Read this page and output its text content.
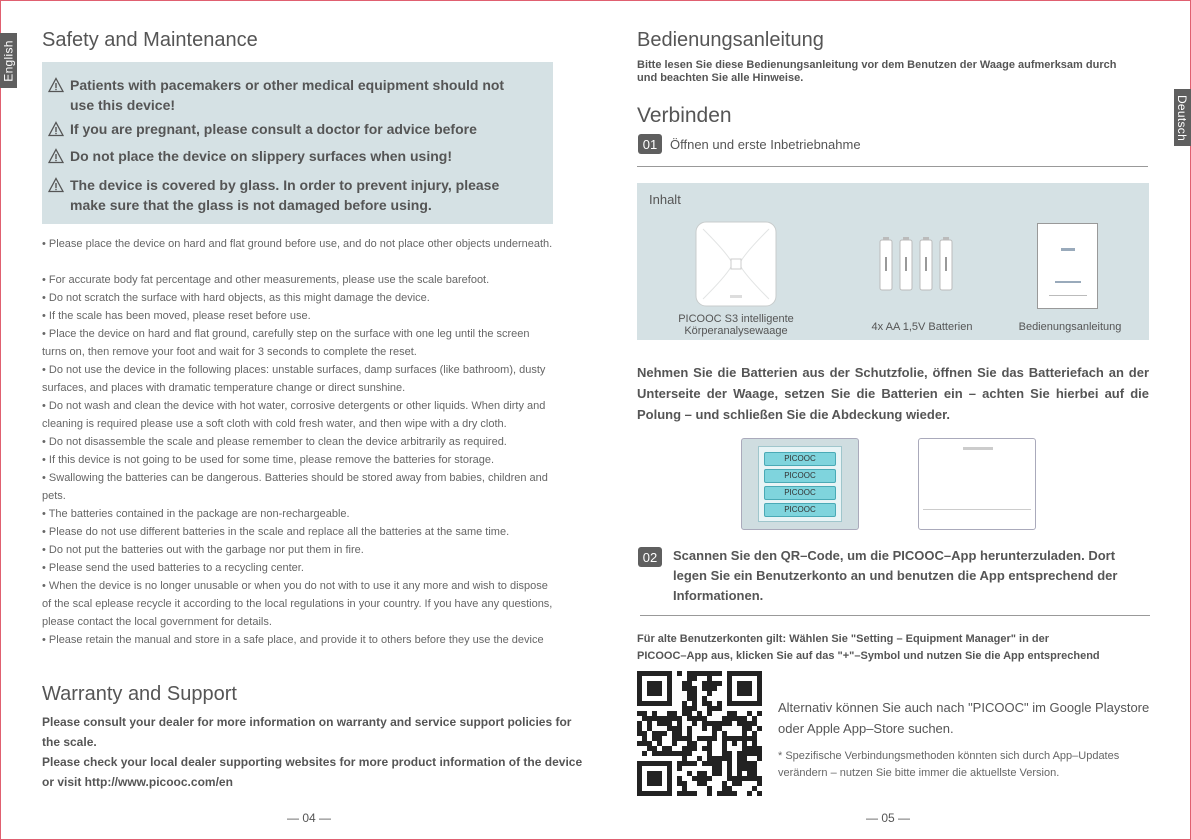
English Safety and Maintenance
Patients with pacemakers or other medical equipment should not use this device!
If you are pregnant, please consult a doctor for advice before
Do not place the device on slippery surfaces when using!
The device is covered by glass. In order to prevent injury, please make sure that the glass is not damaged before using.
• Please place the device on hard and flat ground before use, and do not place other objects underneath.
• For accurate body fat percentage and other measurements, please use the scale barefoot.
• Do not scratch the surface with hard objects, as this might damage the device.
• If the scale has been moved, please reset before use.
• Place the device on hard and flat ground, carefully step on the surface with one leg until the screen turns on, then remove your foot and wait for 3 seconds to complete the reset.
• Do not use the device in the following places: unstable surfaces, damp surfaces (like bathroom), dusty surfaces, and places with dramatic temperature change or direct sunshine.
• Do not wash and clean the device with hot water, corrosive detergents or other liquids. When dirty and cleaning is required please use a soft cloth with cold fresh water, and then wipe with a dry cloth.
• Do not disassemble the scale and please remember to clean the device arbitrarily as required.
• If this device is not going to be used for some time, please remove the batteries for storage.
• Swallowing the batteries can be dangerous. Batteries should be stored away from babies, children and pets.
• The batteries contained in the package are non-rechargeable.
• Please do not use different batteries in the scale and replace all the batteries at the same time.
• Do not put the batteries out with the garbage nor put them in fire.
• Please send the used batteries to a recycling center.
• When the device is no longer unusable or when you do not with to use it any more and wish to dispose of the scal eplease recycle it according to the local regulations in your country. If you have any questions, please contact the local government for details.
• Please retain the manual and store in a safe place, and provide it to others before they use the device
Warranty and Support
Please consult your dealer for more information on warranty and service support policies for the scale.
Please check your local dealer supporting websites for more product information of the device or visit http://www.picooc.com/en
— 04 —
Deutsch
Bedienungsanleitung
Bitte lesen Sie diese Bedienungsanleitung vor dem Benutzen der Waage aufmerksam durch und beachten Sie alle Hinweise.
Verbinden
01 Öffnen und erste Inbetriebnahme
Inhalt
PICOOC S3 intelligente
Körperanalysewaage	4x AA 1,5V Batterien	Bedienungsanleitung
Nehmen Sie die Batterien aus der Schutzfolie, öffnen Sie das Batteriefach an der Unterseite der Waage, setzen Sie die Batterien ein – achten Sie hierbei auf die Polung – und schließen Sie die Abdeckung wieder.
PICOOC
PICOOC
PICOOC
PICOOC
02	Scannen Sie den QR–Code, um die PICOOC–App herunterzuladen. Dort legen Sie ein Benutzerkonto an und benutzen die App entsprechend der Informationen.
Für alte Benutzerkonten gilt: Wählen Sie "Setting – Equipment Manager" in der
PICOOC–App aus, klicken Sie auf das "+"–Symbol und nutzen Sie die App entsprechend
Alternativ können Sie auch nach "PICOOC" im Google Playstore oder Apple App–Store suchen.
* Spezifische Verbindungsmethoden könnten sich durch App–Updates verändern – nutzen Sie bitte immer die aktuellste Version.
— 05 —
